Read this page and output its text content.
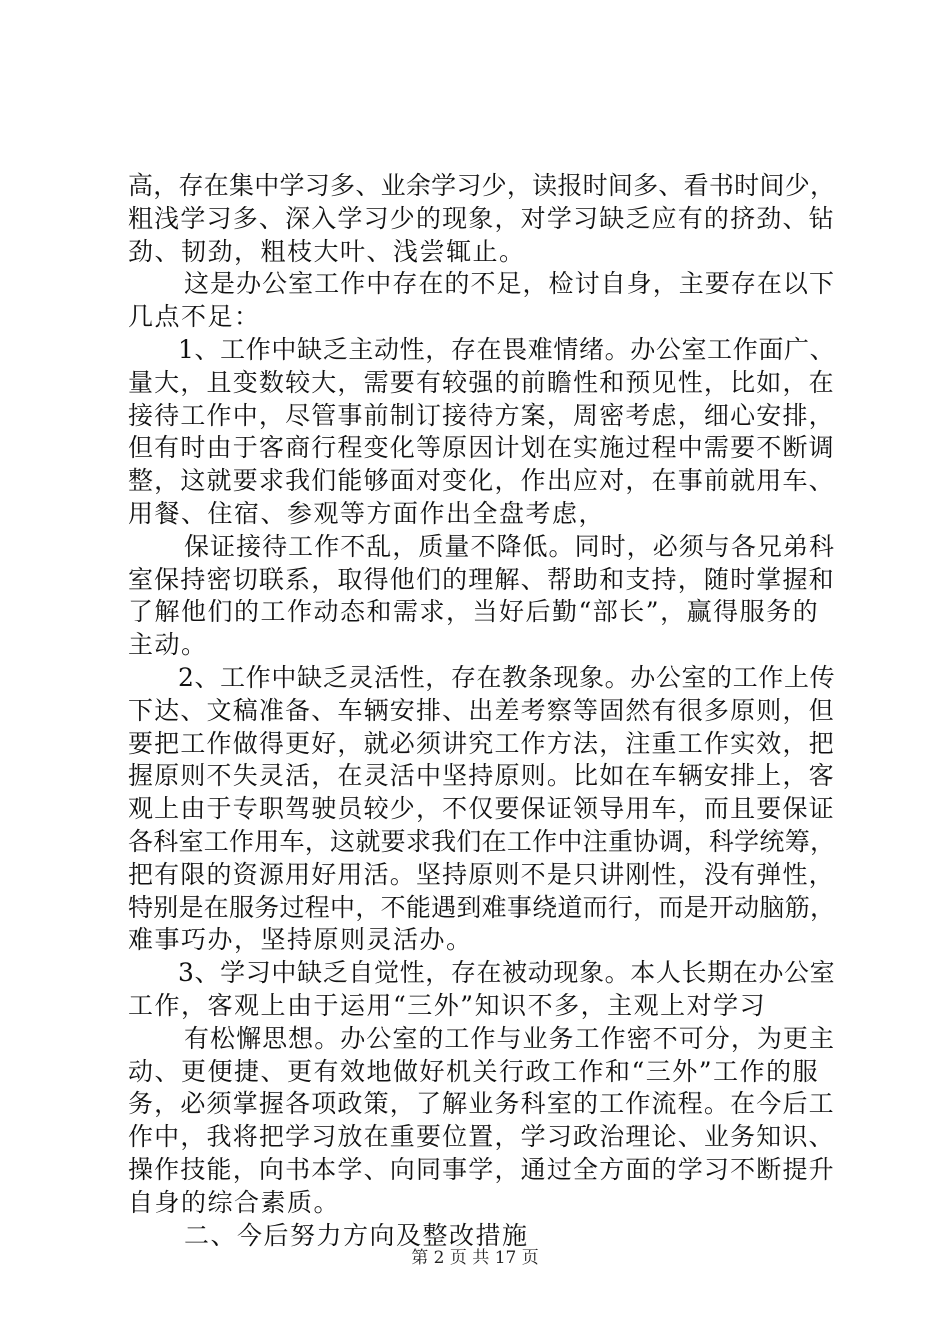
高，存在集中学习多、业余学习少，读报时间多、看书时间少，
粗浅学习多、深入学习少的现象，对学习缺乏应有的挤劲、钻
劲、韧劲，粗枝大叶、浅尝辄止。
这是办公室工作中存在的不足，检讨自身，主要存在以下
几点不足：
1、工作中缺乏主动性，存在畏难情绪。办公室工作面广、
量大，且变数较大，需要有较强的前瞻性和预见性，比如，在
接待工作中，尽管事前制订接待方案，周密考虑，细心安排，
但有时由于客商行程变化等原因计划在实施过程中需要不断调
整，这就要求我们能够面对变化，作出应对，在事前就用车、
用餐、住宿、参观等方面作出全盘考虑，
保证接待工作不乱，质量不降低。同时，必须与各兄弟科
室保持密切联系，取得他们的理解、帮助和支持，随时掌握和
了解他们的工作动态和需求，当好后勤“部长”，赢得服务的
主动。
2、工作中缺乏灵活性，存在教条现象。办公室的工作上传
下达、文稿准备、车辆安排、出差考察等固然有很多原则，但
要把工作做得更好，就必须讲究工作方法，注重工作实效，把
握原则不失灵活，在灵活中坚持原则。比如在车辆安排上，客
观上由于专职驾驶员较少，不仅要保证领导用车，而且要保证
各科室工作用车，这就要求我们在工作中注重协调，科学统筹，
把有限的资源用好用活。坚持原则不是只讲刚性，没有弹性，
特别是在服务过程中，不能遇到难事绕道而行，而是开动脑筋，
难事巧办，坚持原则灵活办。
3、学习中缺乏自觉性，存在被动现象。本人长期在办公室
工作，客观上由于运用“三外”知识不多，主观上对学习
有松懈思想。办公室的工作与业务工作密不可分，为更主
动、更便捷、更有效地做好机关行政工作和“三外”工作的服
务，必须掌握各项政策，了解业务科室的工作流程。在今后工
作中，我将把学习放在重要位置，学习政治理论、业务知识、
操作技能，向书本学、向同事学，通过全方面的学习不断提升
自身的综合素质。
二、今后努力方向及整改措施
第 2 页 共 17 页
